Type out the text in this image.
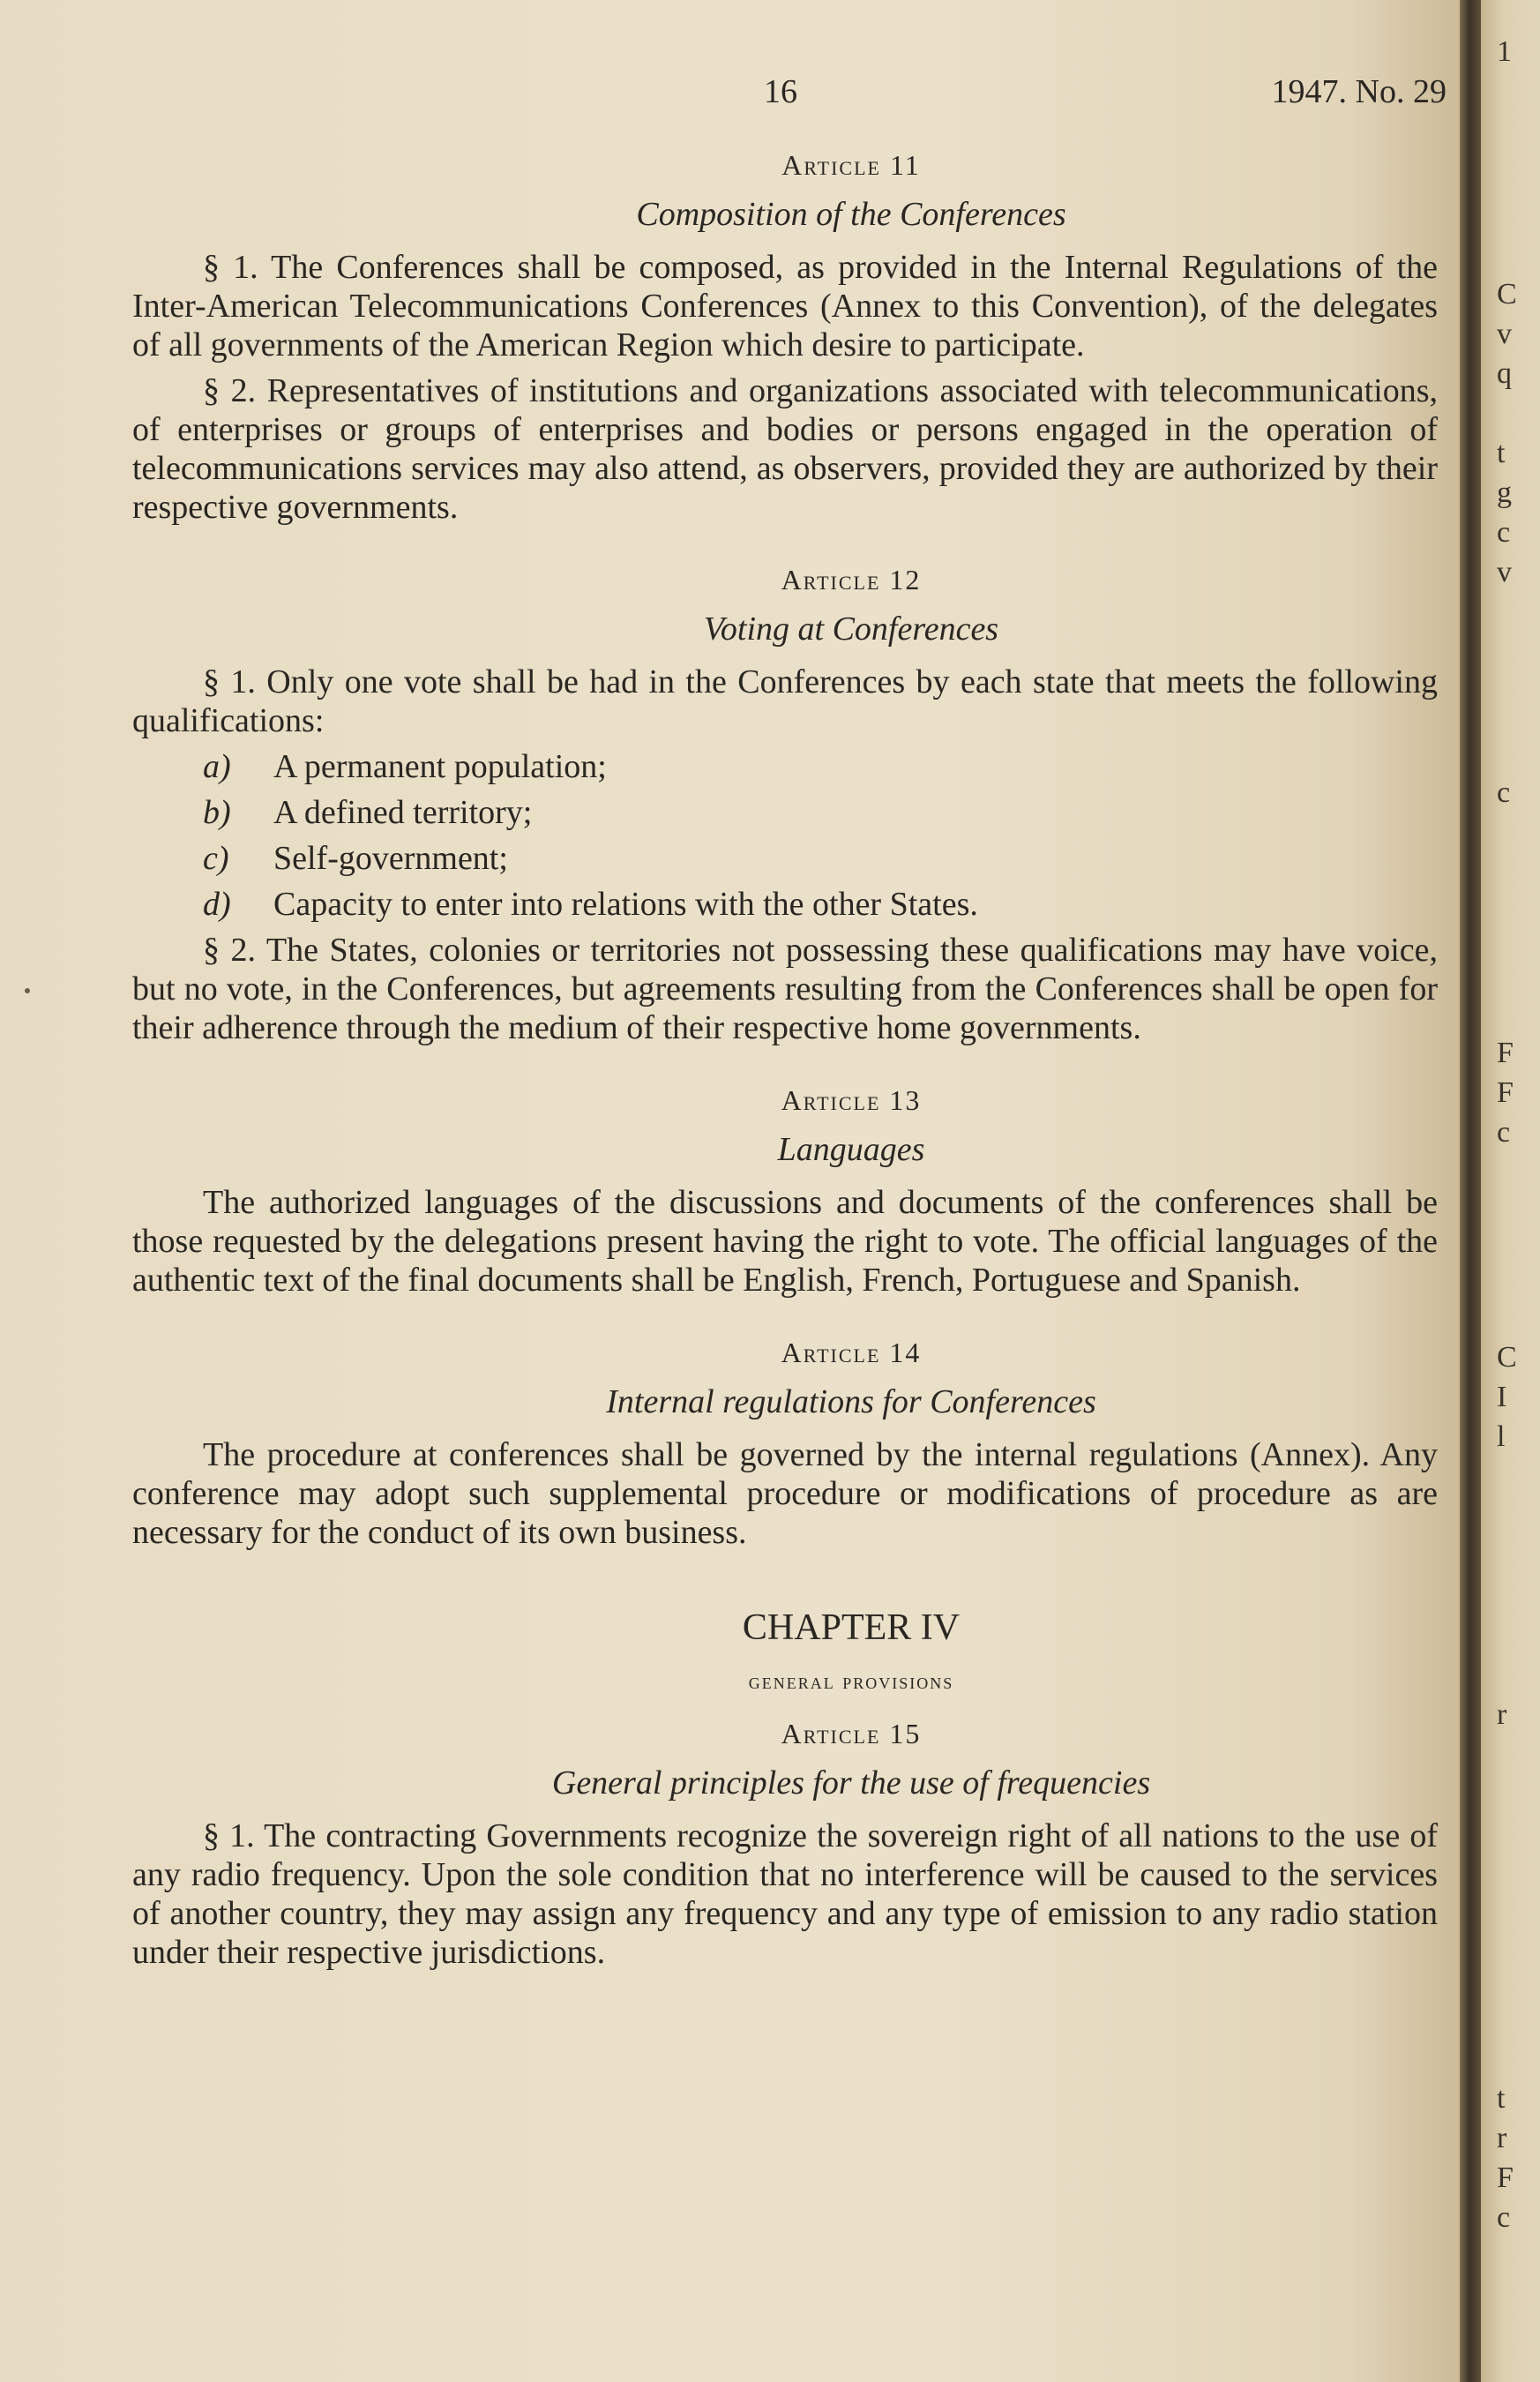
1
C
v
q
t
g
c
v
c
F
F
c
C
I
l
r
t
r
F
c
16	1947. No. 29
Article 11
Composition of the Conferences

§ 1. The Conferences shall be composed, as provided in the Internal Regulations of the Inter-American Telecommunications Conferences (Annex to this Convention), of the delegates of all governments of the American Region which desire to participate.

§ 2. Representatives of institutions and organizations associated with telecommunications, of enterprises or groups of enterprises and bodies or persons engaged in the operation of telecommunications services may also attend, as observers, provided they are authorized by their respective governments.

Article 12
Voting at Conferences

§ 1. Only one vote shall be had in the Conferences by each state that meets the following qualifications:

a)	A permanent population;
b)	A defined territory;
c)	Self-government;
d)	Capacity to enter into relations with the other States.

§ 2. The States, colonies or territories not possessing these qualifications may have voice, but no vote, in the Conferences, but agreements resulting from the Conferences shall be open for their adherence through the medium of their respective home governments.

Article 13
Languages

The authorized languages of the discussions and documents of the conferences shall be those requested by the delegations present having the right to vote. The official languages of the authentic text of the final documents shall be English, French, Portuguese and Spanish.

Article 14
Internal regulations for Conferences

The procedure at conferences shall be governed by the internal regulations (Annex). Any conference may adopt such supplemental procedure or modifications of procedure as are necessary for the conduct of its own business.

CHAPTER IV
general provisions
Article 15
General principles for the use of frequencies

§ 1. The contracting Governments recognize the sovereign right of all nations to the use of any radio frequency. Upon the sole condition that no interference will be caused to the services of another country, they may assign any frequency and any type of emission to any radio station under their respective jurisdictions.
